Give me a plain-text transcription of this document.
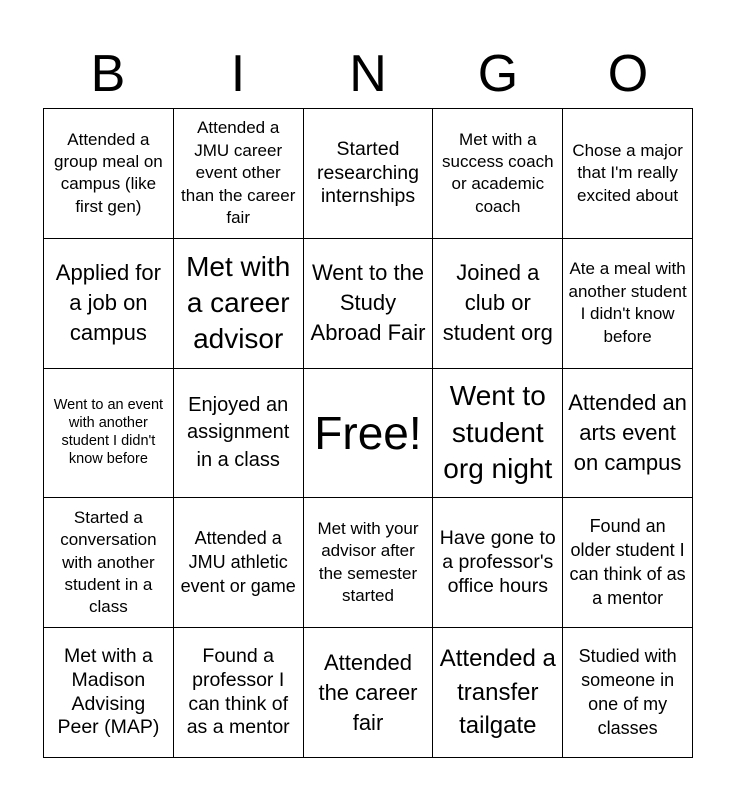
B	I	N	G	O
Attended a group meal on campus (like first gen)
Attended a JMU career event other than the career fair
Started researching internships
Met with a success coach or academic coach
Chose a major that I'm really excited about
Applied for a job on campus
Met with a career advisor
Went to the Study Abroad Fair
Joined a club or student org
Ate a meal with another student I didn't know before
Went to an event with another student I didn't know before
Enjoyed an assignment in a class
Free!
Went to student org night
Attended an arts event on campus
Started a conversation with another student in a class
Attended a JMU athletic event or game
Met with your advisor after the semester started
Have gone to a professor's office hours
Found an older student I can think of as a mentor
Met with a Madison Advising Peer (MAP)
Found a professor I can think of as a mentor
Attended the career fair
Attended a transfer tailgate
Studied with someone in one of my classes
